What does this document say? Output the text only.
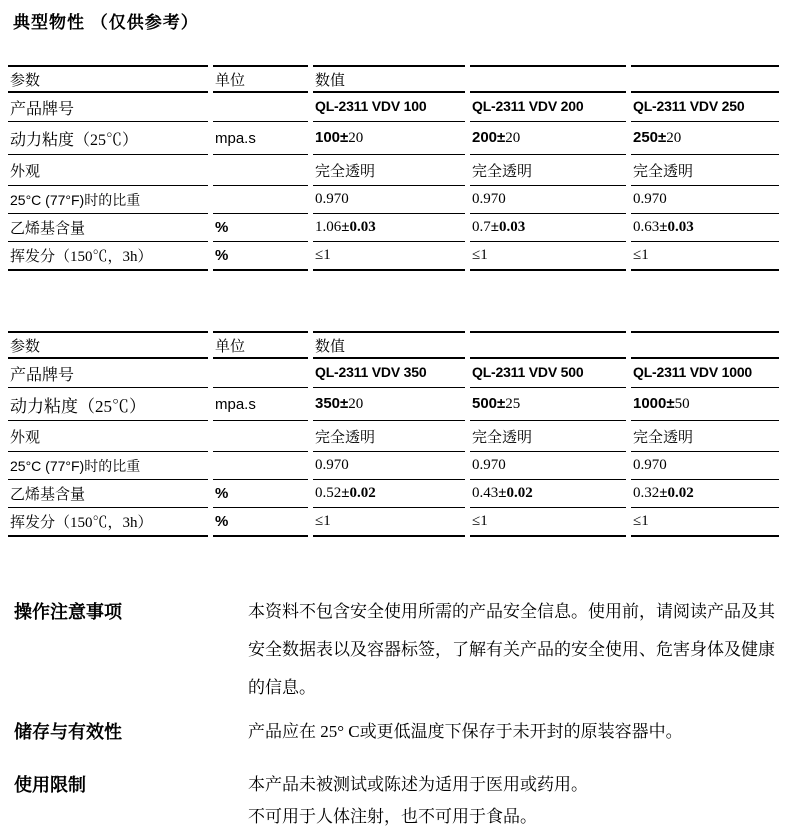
典型物性 （仅供参考）
参数	单位	数值		
产品牌号		QL-2311 VDV 100	QL-2311 VDV 200	QL-2311 VDV 250
动力粘度（25℃）	mpa.s	100±20	200±20	250±20
外观		完全透明	完全透明	完全透明
25°C (77°F)时的比重		0.970	0.970	0.970
乙烯基含量	%	1.06±0.03	0.7±0.03	0.63±0.03
挥发分（150℃，3h）	%	≤1	≤1	≤1
参数	单位	数值		
产品牌号		QL-2311 VDV 350	QL-2311 VDV 500	QL-2311 VDV 1000
动力粘度（25℃）	mpa.s	350±20	500±25	1000±50
外观		完全透明	完全透明	完全透明
25°C (77°F)时的比重		0.970	0.970	0.970
乙烯基含量	%	0.52±0.02	0.43±0.02	0.32±0.02
挥发分（150℃，3h）	%	≤1	≤1	≤1
操作注意事项	本资料不包含安全使用所需的产品安全信息。使用前，请阅读产品及其安全数据表以及容器标签，了解有关产品的安全使用、危害身体及健康的信息。
储存与有效性	产品应在 25° C或更低温度下保存于未开封的原装容器中。
使用限制	本产品未被测试或陈述为适用于医用或药用。
不可用于人体注射，也不可用于食品。
